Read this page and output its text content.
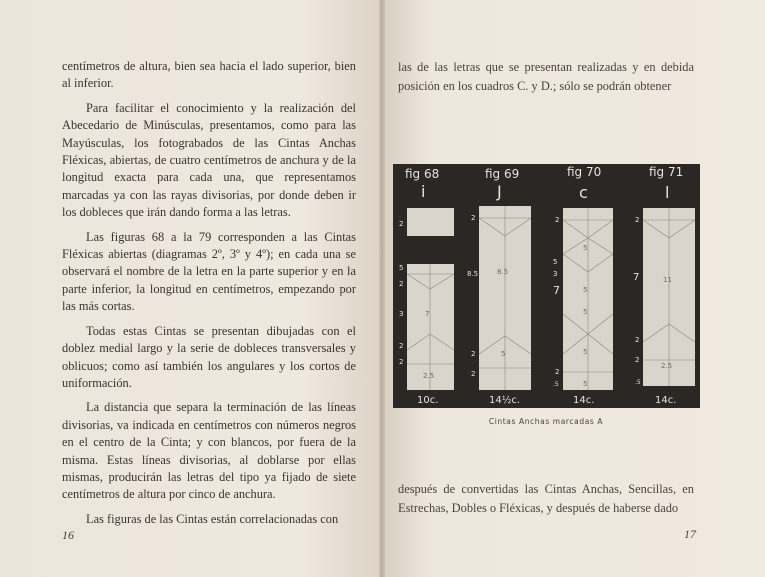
centímetros de altura, bien sea hacia el lado superior, bien al inferior.

Para facilitar el conocimiento y la realización del Abecedario de Minúsculas, presentamos, como para las Mayúsculas, los fotograbados de las Cintas Anchas Fléxicas, abiertas, de cuatro centímetros de anchura y de la longitud exacta para cada una, que representamos marcadas ya con las rayas divisorias, por donde deben ir los dobleces que irán dando forma a las letras.

Las figuras 68 a la 79 corresponden a las Cintas Fléxicas abiertas (diagramas 2º, 3º y 4º); en cada una se observará el nombre de la letra en la parte superior y en la parte inferior, la longitud en centímetros, empezando por las más cortas.

Todas estas Cintas se presentan dibujadas con el doblez medial largo y la serie de dobleces transversales y oblicuos; como así también los angulares y los cortos de uniformación.

La distancia que separa la terminación de las líneas divisorias, va indicada en centímetros con números negros en el centro de la Cinta; y con blancos, por fuera de la misma. Estas líneas divisorias, al doblarse por ellas mismas, producirán las letras del tipo ya fijado de siete centímetros de altura por cinco de anchura.

Las figuras de las Cintas están correlacionadas con

16

las de las letras que se presentan realizadas y en debida posición en los cuadros C. y D.; sólo se podrán obtener

fig 68
i
2
5
2
3	7
2
2
2.5
10c.
fig 69
J
2
8.5	8.5
5
2
2
14½c.
fig 70
c
2
5
5
5
5
3
7
2
.5	5
5
14c.
fig 71
l
2
7	11
2
2
2.5
.5
14c.
Cintas Anchas marcadas A

después de convertidas las Cintas Anchas, Sencillas, en Estrechas, Dobles o Fléxicas, y después de haberse dado

17
